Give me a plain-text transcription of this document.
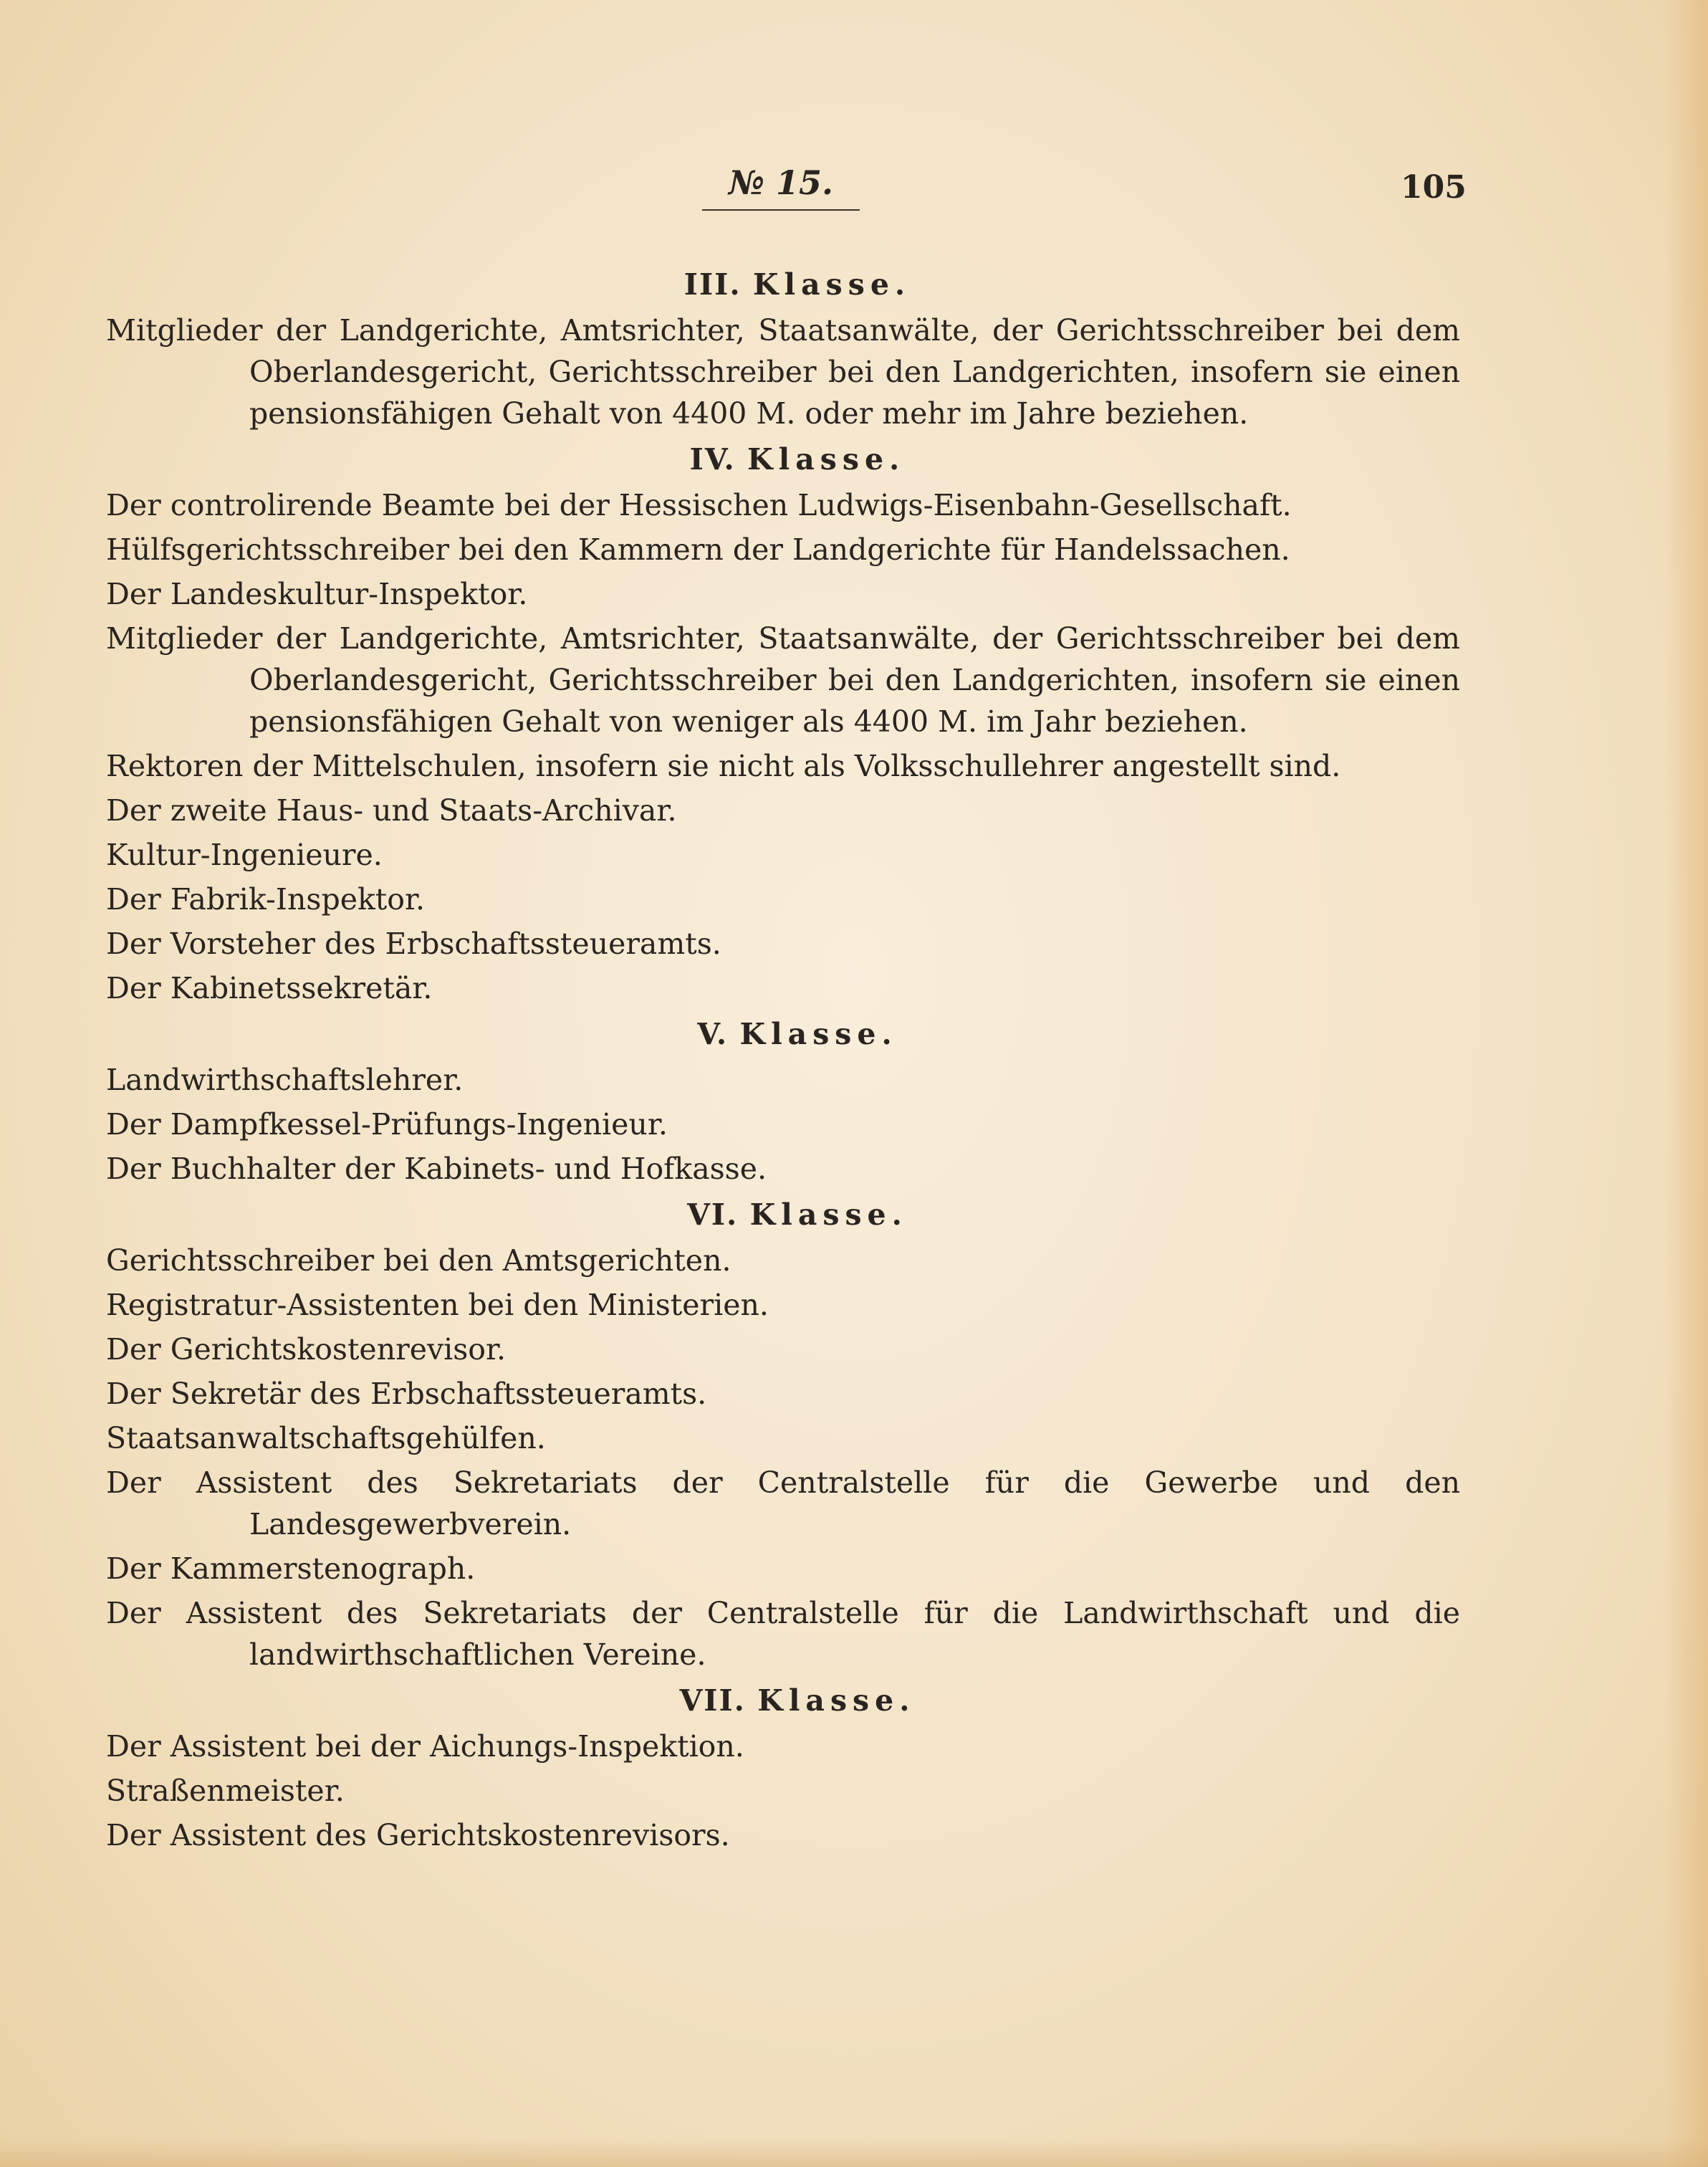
№ 15.	105
III. Klasse.
Mitglieder der Landgerichte, Amtsrichter, Staatsanwälte, der Gerichtsschreiber bei dem Oberlandesgericht, Gerichtsschreiber bei den Landgerichten, insofern sie einen pensionsfähigen Gehalt von 4400 M. oder mehr im Jahre beziehen.
IV. Klasse.
Der controlirende Beamte bei der Hessischen Ludwigs-Eisenbahn-Gesellschaft.
Hülfsgerichtsschreiber bei den Kammern der Landgerichte für Handelssachen.
Der Landeskultur-Inspektor.
Mitglieder der Landgerichte, Amtsrichter, Staatsanwälte, der Gerichtsschreiber bei dem Oberlandesgericht, Gerichtsschreiber bei den Landgerichten, insofern sie einen pensionsfähigen Gehalt von weniger als 4400 M. im Jahr beziehen.
Rektoren der Mittelschulen, insofern sie nicht als Volksschullehrer angestellt sind.
Der zweite Haus- und Staats-Archivar.
Kultur-Ingenieure.
Der Fabrik-Inspektor.
Der Vorsteher des Erbschaftssteueramts.
Der Kabinetssekretär.
V. Klasse.
Landwirthschaftslehrer.
Der Dampfkessel-Prüfungs-Ingenieur.
Der Buchhalter der Kabinets- und Hofkasse.
VI. Klasse.
Gerichtsschreiber bei den Amtsgerichten.
Registratur-Assistenten bei den Ministerien.
Der Gerichtskostenrevisor.
Der Sekretär des Erbschaftssteueramts.
Staatsanwaltschaftsgehülfen.
Der Assistent des Sekretariats der Centralstelle für die Gewerbe und den Landesgewerbverein.
Der Kammerstenograph.
Der Assistent des Sekretariats der Centralstelle für die Landwirthschaft und die landwirthschaftlichen Vereine.
VII. Klasse.
Der Assistent bei der Aichungs-Inspektion.
Straßenmeister.
Der Assistent des Gerichtskostenrevisors.
